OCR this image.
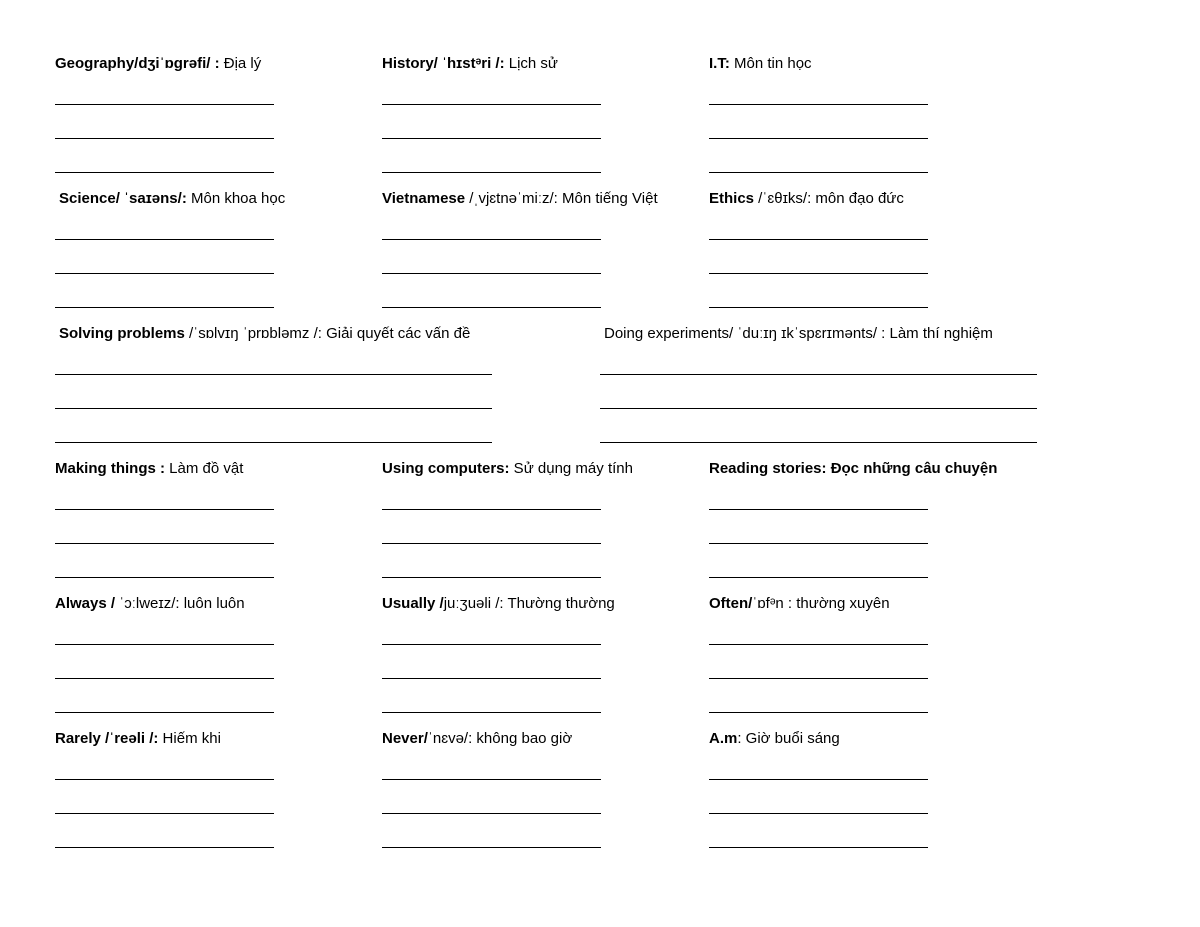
Geography/dʒiˈɒgrəfi/ : Địa lý	History/ ˈhɪstᵊri /: Lịch sử	I.T: Môn tin học
Science/ ˈsaɪəns/: Môn khoa học	Vietnamese /ˌvjɛtnəˈmiːz/: Môn tiếng Việt	Ethics /ˈɛθɪks/: môn đạo đức
Solving problems /ˈsɒlvɪŋ ˈprɒbləmz /: Giải quyết các vấn đề	Doing experiments/ ˈduːɪŋ ɪkˈspɛrɪmənts/ : Làm thí nghiệm
Making things : Làm đồ vật	Using computers: Sử dụng máy tính	Reading stories: Đọc những câu chuyện
Always / ˈɔːlweɪz/: luôn luôn	Usually /juːʒuəli /: Thường thường	Often/ˈɒfᵊn : thường xuyên
Rarely /ˈreəli /: Hiếm khi	Never/ˈnɛvə/: không bao giờ	A.m: Giờ buổi sáng
